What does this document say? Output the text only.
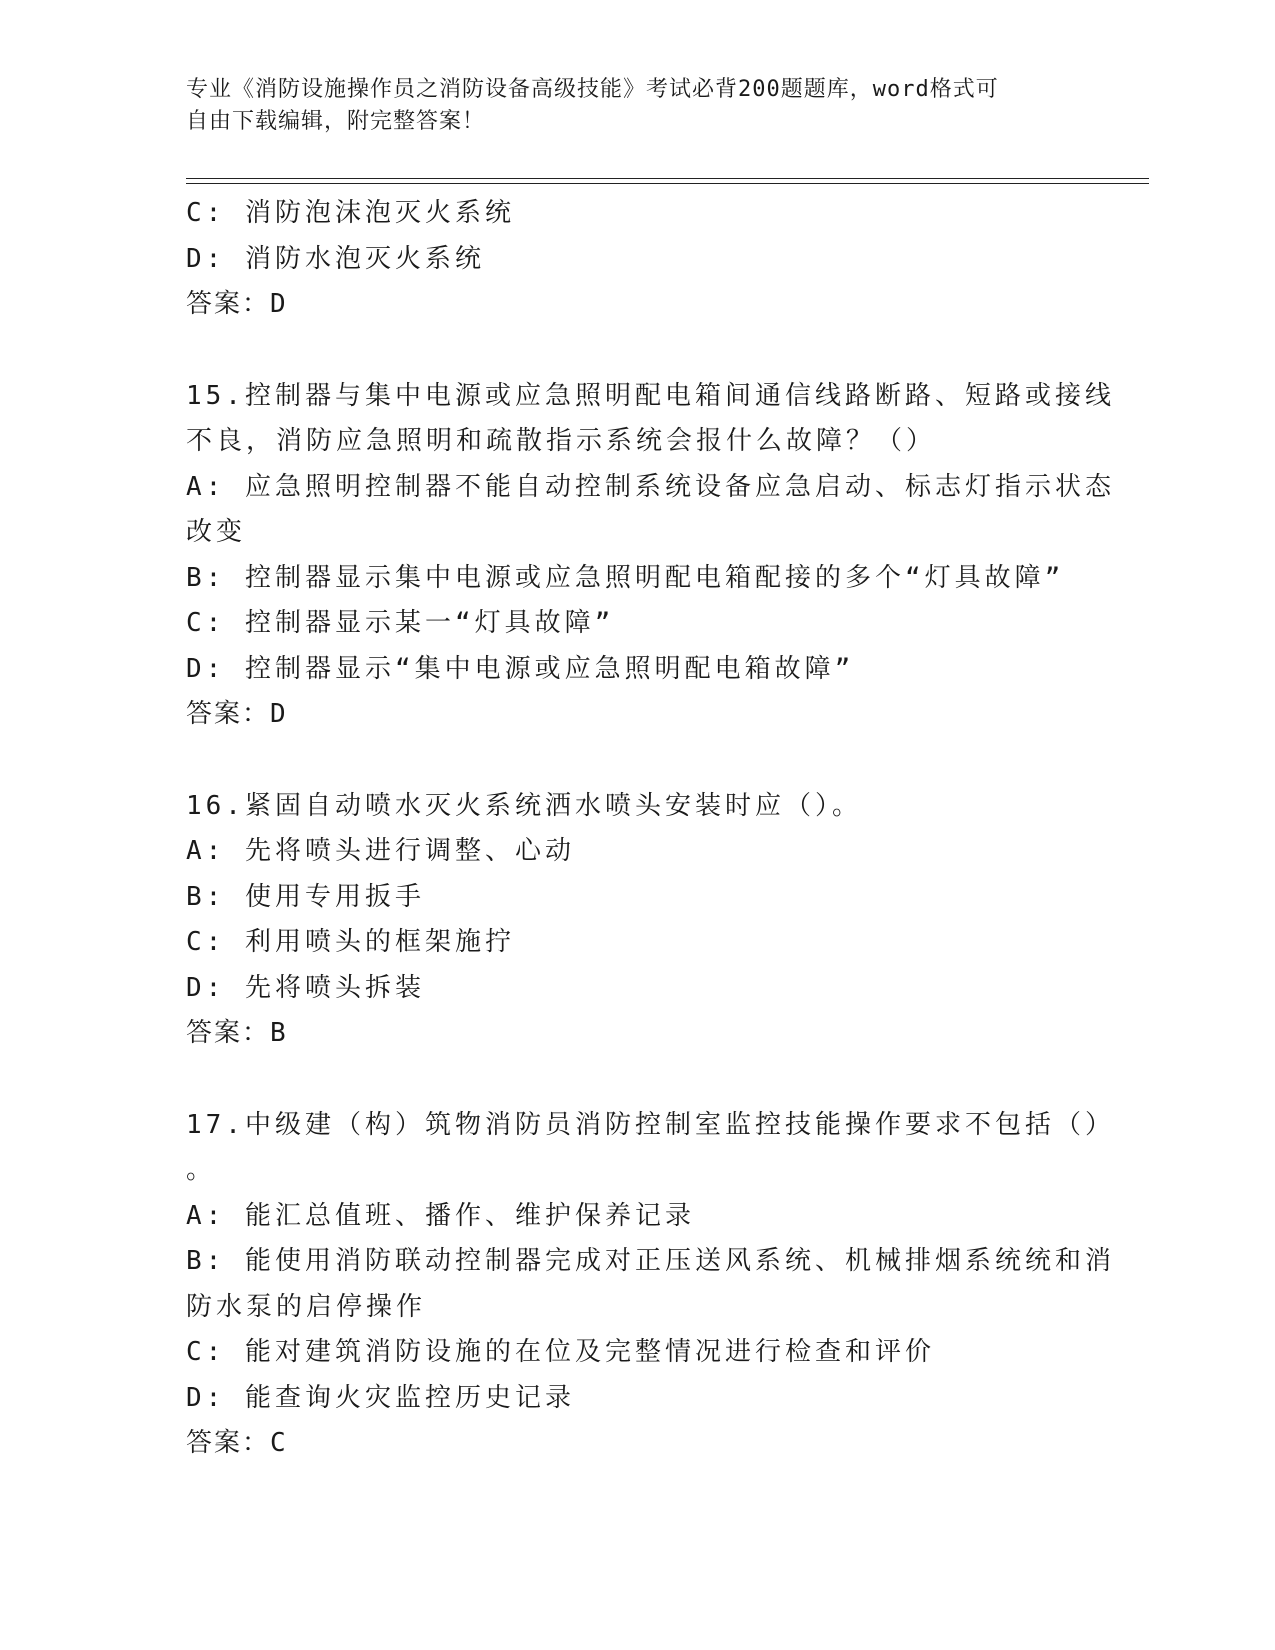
专业《消防设施操作员之消防设备高级技能》考试必背200题题库，word格式可
自由下载编辑，附完整答案！
C: 消防泡沫泡灭火系统
D: 消防水泡灭火系统
答案：D
15.控制器与集中电源或应急照明配电箱间通信线路断路、短路或接线
不良，消防应急照明和疏散指示系统会报什么故障？（）
A: 应急照明控制器不能自动控制系统设备应急启动、标志灯指示状态
改变
B: 控制器显示集中电源或应急照明配电箱配接的多个“灯具故障”
C: 控制器显示某一“灯具故障”
D: 控制器显示“集中电源或应急照明配电箱故障”
答案：D
16.紧固自动喷水灭火系统洒水喷头安装时应（）。
A: 先将喷头进行调整、心动
B: 使用专用扳手
C: 利用喷头的框架施拧
D: 先将喷头拆装
答案：B
17.中级建（构）筑物消防员消防控制室监控技能操作要求不包括（）
。
A: 能汇总值班、播作、维护保养记录
B: 能使用消防联动控制器完成对正压送风系统、机械排烟系统统和消
防水泵的启停操作
C: 能对建筑消防设施的在位及完整情况进行检查和评价
D: 能查询火灾监控历史记录
答案：C
